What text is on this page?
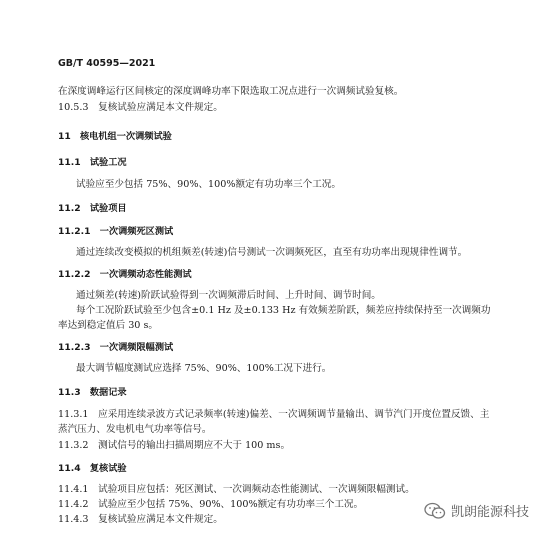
GB/T 40595—2021
在深度调峰运行区间核定的深度调峰功率下限选取工况点进行一次调频试验复核。
10.5.3　复核试验应满足本文件规定。
11　核电机组一次调频试验
11.1　试验工况
试验应至少包括 75%、90%、100%额定有功功率三个工况。
11.2　试验项目
11.2.1　一次调频死区测试
通过连续改变模拟的机组频差(转速)信号测试一次调频死区，直至有功功率出现规律性调节。
11.2.2　一次调频动态性能测试
通过频差(转速)阶跃试验得到一次调频滞后时间、上升时间、调节时间。
每个工况阶跃试验至少包含±0.1 Hz 及±0.133 Hz 有效频差阶跃，频差应持续保持至一次调频功
率达到稳定值后 30 s。
11.2.3　一次调频限幅测试
最大调节幅度测试应选择 75%、90%、100%工况下进行。
11.3　数据记录
11.3.1　应采用连续录波方式记录频率(转速)偏差、一次调频调节量输出、调节汽门开度位置反馈、主
蒸汽压力、发电机电气功率等信号。
11.3.2　测试信号的输出扫描周期应不大于 100 ms。
11.4　复核试验
11.4.1　试验项目应包括：死区测试、一次调频动态性能测试、一次调频限幅测试。
11.4.2　试验应至少包括 75%、90%、100%额定有功功率三个工况。
11.4.3　复核试验应满足本文件规定。	凯朗能源科技
